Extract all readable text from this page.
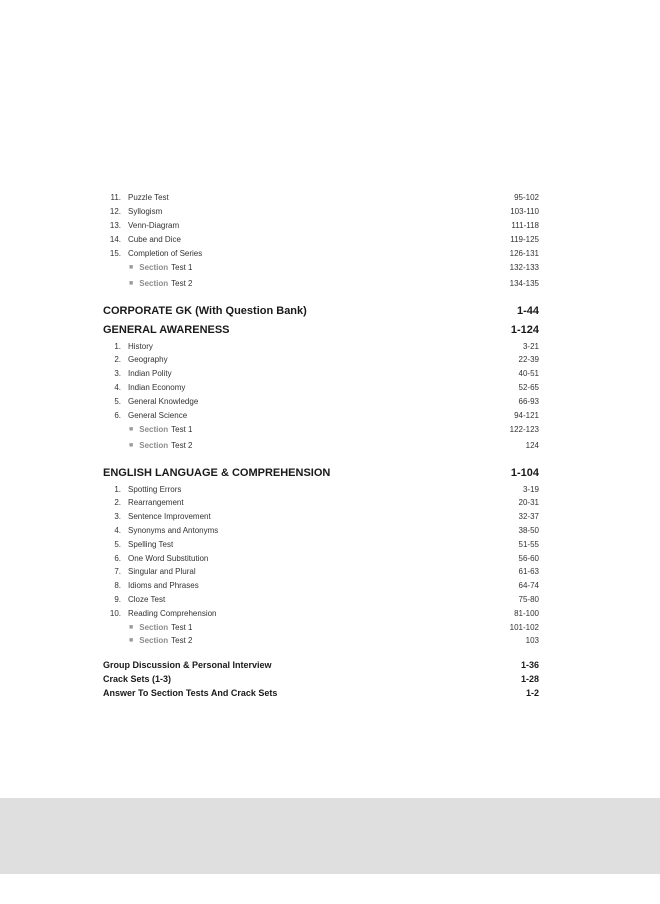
11. Puzzle Test	95-102
12. Syllogism	103-110
13. Venn-Diagram	111-118
14. Cube and Dice	119-125
15. Completion of Series	126-131
■ Section Test 1	132-133
■ Section Test 2	134-135
CORPORATE GK (With Question Bank)	1-44
GENERAL AWARENESS	1-124
1. History	3-21
2. Geography	22-39
3. Indian Polity	40-51
4. Indian Economy	52-65
5. General Knowledge	66-93
6. General Science	94-121
■ Section Test 1	122-123
■ Section Test 2	124
ENGLISH LANGUAGE & COMPREHENSION	1-104
1. Spotting Errors	3-19
2. Rearrangement	20-31
3. Sentence Improvement	32-37
4. Synonyms and Antonyms	38-50
5. Spelling Test	51-55
6. One Word Substitution	56-60
7. Singular and Plural	61-63
8. Idioms and Phrases	64-74
9. Cloze Test	75-80
10. Reading Comprehension	81-100
■ Section Test 1	101-102
■ Section Test 2	103
Group Discussion & Personal Interview	1-36
Crack Sets (1-3)	1-28
Answer To Section Tests And Crack Sets	1-2
